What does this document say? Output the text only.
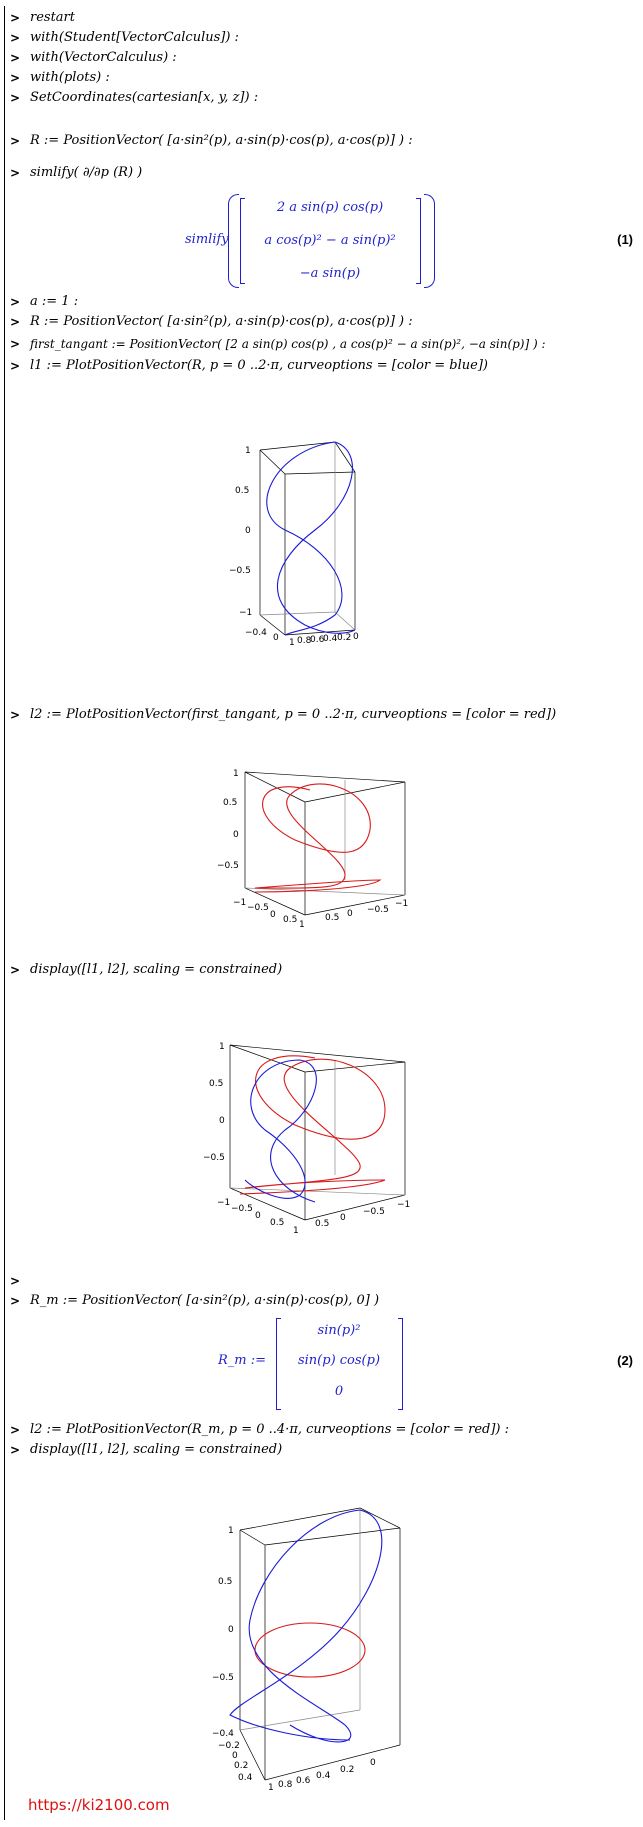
> restart
> with(Student[VectorCalculus]) :
> with(VectorCalculus) :
> with(plots) :
> SetCoordinates(cartesian[x, y, z]) :
> R := PositionVector( [a·sin²(p), a·sin(p)·cos(p), a·cos(p)] ) :
> simlify( ∂/∂p (R) )
simlify
2 a sin(p) cos(p)
a cos(p)² − a sin(p)²
−a sin(p)
(1)
> a := 1 :
> R := PositionVector( [a·sin²(p), a·sin(p)·cos(p), a·cos(p)] ) :
> first_tangant := PositionVector( [2 a sin(p) cos(p) , a cos(p)² − a sin(p)², −a sin(p)] ) :
> l1 := PlotPositionVector(R, p = 0 ..2·π, curveoptions = [color = blue])
1
0.5
0
−0.5
−1
−0.4 0 1 0.8
0.6
0.4 0.2 0
> l2 := PlotPositionVector(first_tangant, p = 0 ..2·π, curveoptions = [color = red])
1
0.5
0
−0.5
−1 −0.5
0 0.5 1
0.5 0 −0.5
−1
> display([l1, l2], scaling = constrained)
1
0.5
0
−0.5
−1
−0.5
0
0.5
1
0.5
0
−0.5
−1
>
> R_m := PositionVector( [a·sin²(p), a·sin(p)·cos(p), 0] )
R_m :=
sin(p)²
sin(p) cos(p)
0
(2)
> l2 := PlotPositionVector(R_m, p = 0 ..4·π, curveoptions = [color = red]) :
> display([l1, l2], scaling = constrained)
1
0.5
0
−0.5
−0.4
−0.2
0
0.2
0.4
1 0.8 0.6 0.4
0.2
0
https://ki2100.com
